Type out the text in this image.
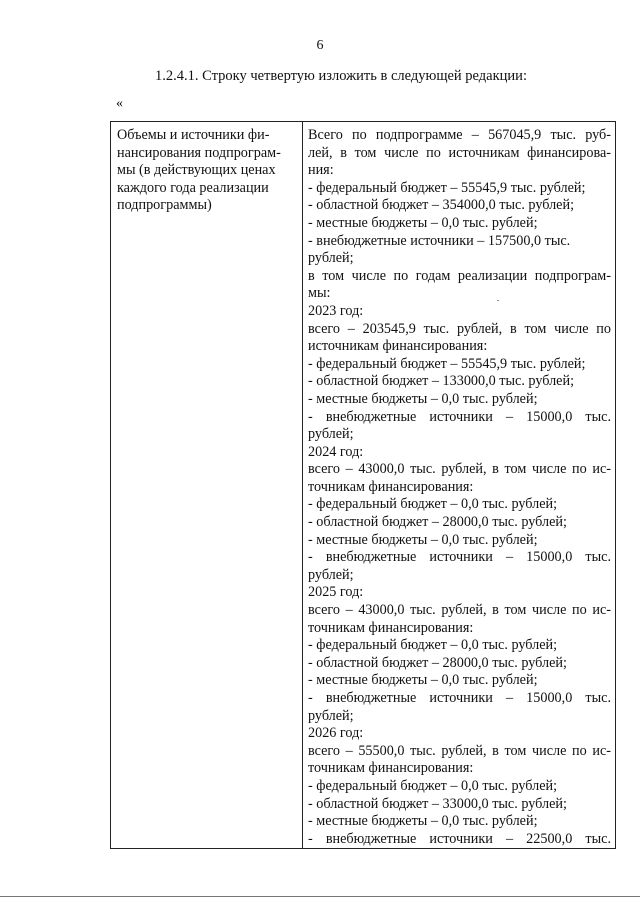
6
1.2.4.1. Строку четвертую изложить в следующей редакции:
«
Объемы и источники фи-
нансирования подпрограм-
мы (в действующих ценах
каждого года реализации
подпрограммы)

Всего по подпрограмме – 567045,9 тыс. руб-
лей, в том числе по источникам финансирова-
ния:
- федеральный бюджет – 55545,9 тыс. рублей;
- областной бюджет – 354000,0 тыс. рублей;
- местные бюджеты – 0,0 тыс. рублей;
- внебюджетные источники – 157500,0 тыс.
рублей;
в том числе по годам реализации подпрограм-
мы:
2023 год:
всего – 203545,9 тыс. рублей, в том числе по
источникам финансирования:
- федеральный бюджет – 55545,9 тыс. рублей;
- областной бюджет – 133000,0 тыс. рублей;
- местные бюджеты – 0,0 тыс. рублей;
- внебюджетные источники – 15000,0 тыс.
рублей;
2024 год:
всего – 43000,0 тыс. рублей, в том числе по ис-
точникам финансирования:
- федеральный бюджет – 0,0 тыс. рублей;
- областной бюджет – 28000,0 тыс. рублей;
- местные бюджеты – 0,0 тыс. рублей;
- внебюджетные источники – 15000,0 тыс.
рублей;
2025 год:
всего – 43000,0 тыс. рублей, в том числе по ис-
точникам финансирования:
- федеральный бюджет – 0,0 тыс. рублей;
- областной бюджет – 28000,0 тыс. рублей;
- местные бюджеты – 0,0 тыс. рублей;
- внебюджетные источники – 15000,0 тыс.
рублей;
2026 год:
всего – 55500,0 тыс. рублей, в том числе по ис-
точникам финансирования:
- федеральный бюджет – 0,0 тыс. рублей;
- областной бюджет – 33000,0 тыс. рублей;
- местные бюджеты – 0,0 тыс. рублей;
- внебюджетные источники – 22500,0 тыс.
